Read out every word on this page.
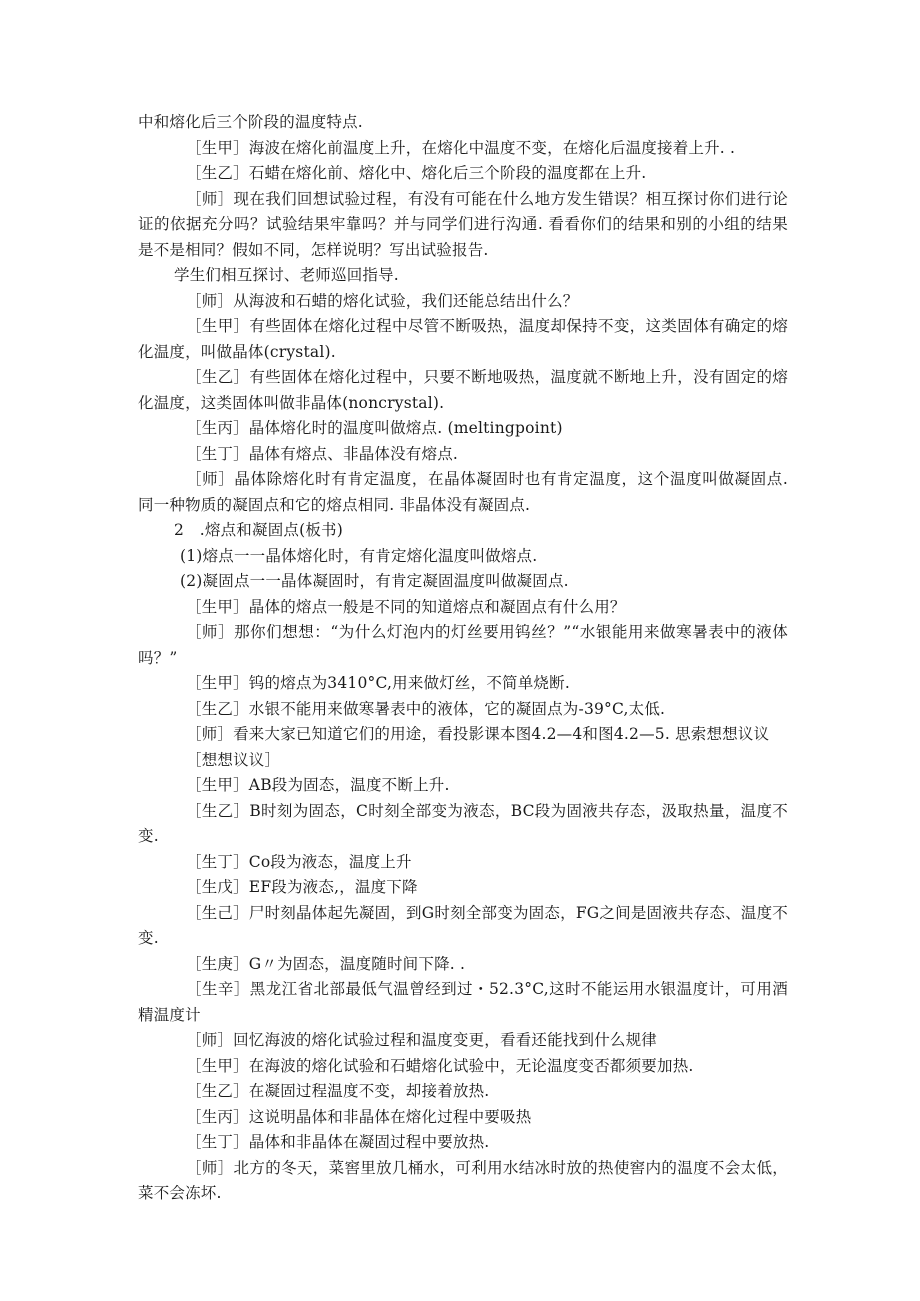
中和熔化后三个阶段的温度特点.

［生甲］海波在熔化前温度上升，在熔化中温度不变，在熔化后温度接着上升. .

［生乙］石蜡在熔化前、熔化中、熔化后三个阶段的温度都在上升.

［师］现在我们回想试验过程，有没有可能在什么地方发生错误？相互探讨你们进行论证的依据充分吗？试验结果牢靠吗？并与同学们进行沟通. 看看你们的结果和别的小组的结果是不是相同？假如不同，怎样说明？写出试验报告.

学生们相互探讨、老师巡回指导.

［师］从海波和石蜡的熔化试验，我们还能总结出什么？

［生甲］有些固体在熔化过程中尽管不断吸热，温度却保持不变，这类固体有确定的熔化温度，叫做晶体(crystal).

［生乙］有些固体在熔化过程中，只要不断地吸热，温度就不断地上升，没有固定的熔化温度，这类固体叫做非晶体(noncrystal).

［生丙］晶体熔化时的温度叫做熔点. (meltingpoint)

［生丁］晶体有熔点、非晶体没有熔点.

［师］晶体除熔化时有肯定温度，在晶体凝固时也有肯定温度，这个温度叫做凝固点. 同一种物质的凝固点和它的熔点相同. 非晶体没有凝固点.

2　.熔点和凝固点(板书)

(1)熔点一一晶体熔化时，有肯定熔化温度叫做熔点.

(2)凝固点一一晶体凝固时，有肯定凝固温度叫做凝固点.

［生甲］晶体的熔点一般是不同的知道熔点和凝固点有什么用？

［师］那你们想想：“为什么灯泡内的灯丝要用钨丝？”“水银能用来做寒暑表中的液体吗？”

［生甲］钨的熔点为3410°C,用来做灯丝，不简单烧断.

［生乙］水银不能用来做寒暑表中的液体，它的凝固点为-39°C,太低.

［师］看来大家已知道它们的用途，看投影课本图4.2—4和图4.2—5. 思索想想议议

［想想议议］

［生甲］AB段为固态，温度不断上升.

［生乙］B时刻为固态，C时刻全部变为液态，BC段为固液共存态，汲取热量，温度不变.

［生丁］Co段为液态，温度上升

［生戊］EF段为液态,，温度下降

［生己］尸时刻晶体起先凝固，到G时刻全部变为固态，FG之间是固液共存态、温度不变.

［生庚］G〃为固态，温度随时间下降. .

［生辛］黑龙江省北部最低气温曾经到过・52.3°C,这时不能运用水银温度计，可用酒精温度计

［师］回忆海波的熔化试验过程和温度变更，看看还能找到什么规律

［生甲］在海波的熔化试验和石蜡熔化试验中，无论温度变否都须要加热.

［生乙］在凝固过程温度不变，却接着放热.

［生丙］这说明晶体和非晶体在熔化过程中要吸热

［生丁］晶体和非晶体在凝固过程中要放热.

［师］北方的冬天，菜窖里放几桶水，可利用水结冰时放的热使窖内的温度不会太低，菜不会冻坏.
